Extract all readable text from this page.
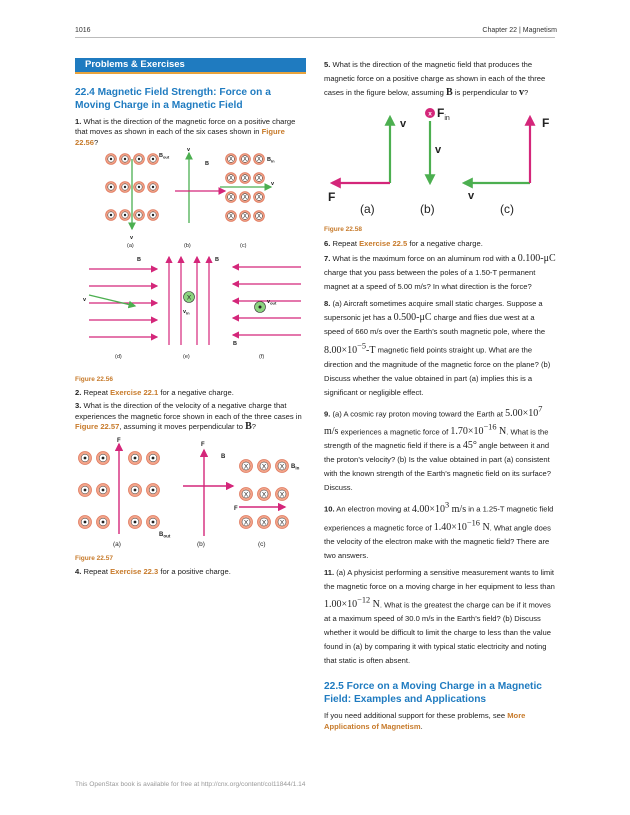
1016	Chapter 22 | Magnetism
Problems & Exercises
22.4 Magnetic Field Strength: Force on a Moving Charge in a Magnetic Field

1. What is the direction of the magnetic force on a positive charge that moves as shown in each of the six cases shown in Figure 22.56?

X
$B_{out}$
v
(a)
v
B
(b)
$B_{in}$
v
(c)
B
v
(d)
X
B
$v_{in}$
(e)
$v_{out}$
B
(f)
Figure 22.56

2. Repeat Exercise 22.1 for a negative charge.

3. What is the direction of the velocity of a negative charge that experiences the magnetic force shown in each of the three cases in Figure 22.57, assuming it moves perpendicular to B?

X
F
$B_{out}$
(a)
F
B
(b)
$B_{in}$
F
(c)
Figure 22.57

4. Repeat Exercise 22.3 for a positive charge.

5. What is the direction of the magnetic field that produces the magnetic force on a positive charge as shown in each of the three cases in the figure below, assuming B is perpendicular to v?

v
F
(a)
x $F_{in}$
v
(b)
F
v
(c)
Figure 22.58

6. Repeat Exercise 22.5 for a negative charge.

7. What is the maximum force on an aluminum rod with a 0.100-μC charge that you pass between the poles of a 1.50-T permanent magnet at a speed of 5.00 m/s? In what direction is the force?

8. (a) Aircraft sometimes acquire small static charges. Suppose a supersonic jet has a 0.500-μC charge and flies due west at a speed of 660 m/s over the Earth’s south magnetic pole, where the $8.00\times 10^{-5}-T$ magnetic field points straight up. What are the direction and the magnitude of the magnetic force on the plane? (b) Discuss whether the value obtained in part (a) implies this is a significant or negligible effect.

9. (a) A cosmic ray proton moving toward the Earth at $5.00\times 10^7$ m/s experiences a magnetic force of $1.70\times 10^{-16}$ N. What is the strength of the magnetic field if there is a 45° angle between it and the proton’s velocity? (b) Is the value obtained in part (a) consistent with the known strength of the Earth’s magnetic field on its surface? Discuss.

10. An electron moving at $4.00\times 10^3$ m/s in a 1.25-T magnetic field experiences a magnetic force of $1.40\times 10^{-16}$ N. What angle does the velocity of the electron make with the magnetic field? There are two answers.

11. (a) A physicist performing a sensitive measurement wants to limit the magnetic force on a moving charge in her equipment to less than $1.00\times 10^{-12}$ N. What is the greatest the charge can be if it moves at a maximum speed of 30.0 m/s in the Earth’s field? (b) Discuss whether it would be difficult to limit the charge to less than the value found in (a) by comparing it with typical static electricity and noting that static is often absent.

22.5 Force on a Moving Charge in a Magnetic Field: Examples and Applications

If you need additional support for these problems, see More Applications of Magnetism.

This OpenStax book is available for free at http://cnx.org/content/col11844/1.14
